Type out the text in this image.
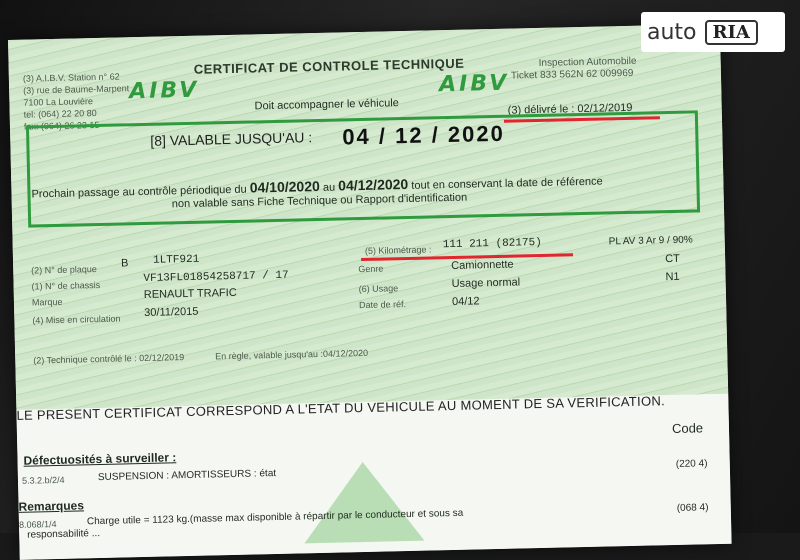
(3) A.I.B.V. Station n° 62
(3) rue de Baume-Marpent
7100 La Louvière
tel: (064) 22 20 80
fax: (064) 26 23 15
AIBV
CERTIFICAT DE CONTROLE TECHNIQUE
Doit accompagner le véhicule
AIBV
Inspection Automobile
Ticket 833 562N 62 009969
(3) délivré le : 02/12/2019
[8] VALABLE JUSQU'AU : 04 / 12 / 2020
Prochain passage au contrôle périodique du 04/10/2020 au 04/12/2020 tout en conservant la date de référence
non valable sans Fiche Technique ou Rapport d'identification
(2) N° de plaque
B 1LTF921
(1) N° de chassis
VF13FL01854258717 / 17
Marque
RENAULT TRAFIC
(4) Mise en circulation
30/11/2015
(5) Kilométrage : 111 211 (82175)
Genre	Camionnette
(6) Usage	Usage normal
Date de réf.	04/12
PL AV 3 Ar 9 / 90%
CT
N1
(2) Technique contrôlé le : 02/12/2019	En règle, valable jusqu'au :04/12/2020
LE PRESENT CERTIFICAT CORRESPOND A L'ETAT DU VEHICULE AU MOMENT DE SA VERIFICATION.
Code
Défectuosités à surveiller :
5.3.2.b/2/4	SUSPENSION : AMORTISSEURS : état
(220 4)
Remarques
8.068/1/4	Charge utile = 1123 kg.(masse max disponible à répartir par le conducteur et sous sa
responsabilité ...
(068 4)
auto RIA
